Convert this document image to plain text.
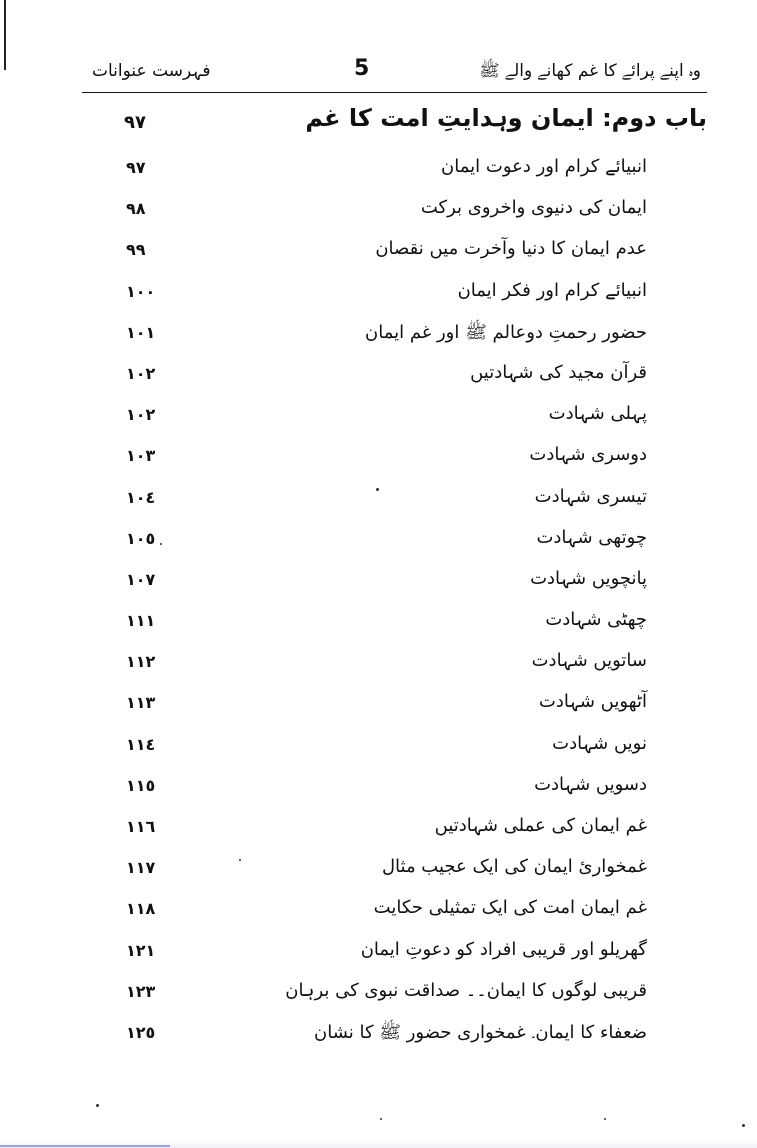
فہرست عنوانات	5	وہ اپنے پرائے کا غم کھانے والے ﷺ
باب دوم: ایمان وہدایتِ امت کا غم
٩٧
انبیائے کرام اور دعوت ایمان
٩٧
ایمان کی دنیوی واخروی برکت
٩٨
عدم ایمان کا دنیا وآخرت میں نقصان
٩٩
انبیائے کرام اور فکر ایمان
١٠٠
حضور رحمتِ دوعالم ﷺ اور غم ایمان
١٠١
قرآن مجید کی شہادتیں
١٠٢
پہلی شہادت
١٠٢
دوسری شہادت
١٠٣
تیسری شہادت
١٠٤
چوتھی شہادت
١٠٥
پانچویں شہادت
١٠٧
چھٹی شہادت
١١١
ساتویں شہادت
١١٢
آٹھویں شہادت
١١٣
نویں شہادت
١١٤
دسویں شہادت
١١٥
غم ایمان کی عملی شہادتیں
١١٦
غمخواریٔ ایمان کی ایک عجیب مثال
١١٧
غم ایمان امت کی ایک تمثیلی حکایت
١١٨
گھریلو اور قریبی افراد کو دعوتِ ایمان
١٢١
قریبی لوگوں کا ایمان۔۔ صداقت نبوی کی برہان
١٢٣
ضعفاء کا ایمان۔ غمخواری حضور ﷺ کا نشان
١٢٥
